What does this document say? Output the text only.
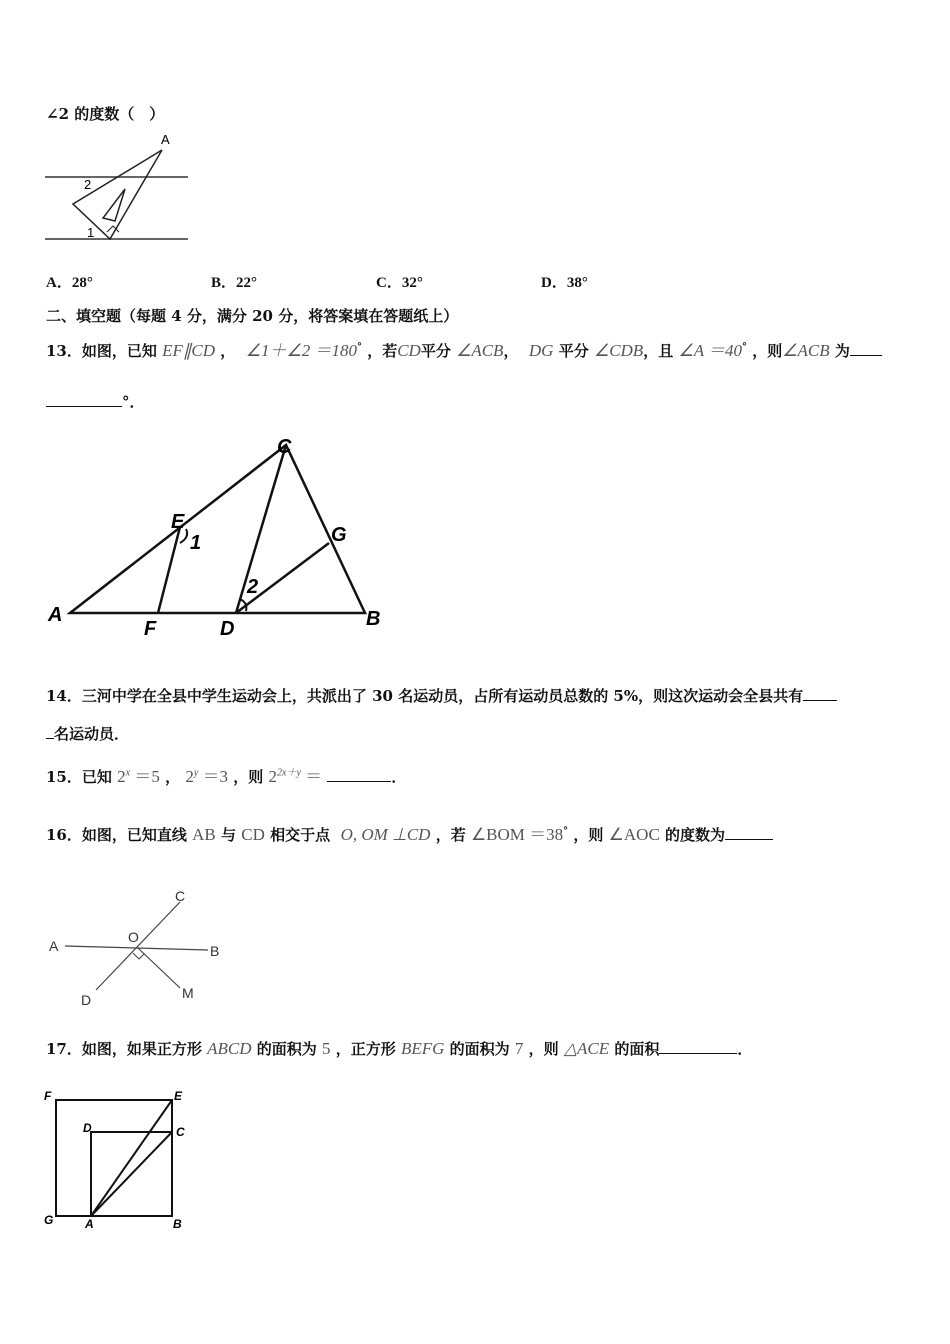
∠2 的度数（　）
A
2
1
A．28°	B．22°	C．32°	D．38°
二、填空题（每题 4 分，满分 20 分，将答案填在答题纸上）
13．如图，已知 EF∥CD ， ∠1＋∠2 ＝180° ，若CD平分 ∠ACB， DG 平分 ∠CDB，且 ∠A ＝40° ，则∠ACB 为
°．
A	B
C
D
E
F
G
1
2
14．三河中学在全县中学生运动会上，共派出了 30 名运动员，占所有运动员总数的 5%，则这次运动会全县共有
名运动员．
15．已知 $2^x =5$ ， $2^y =3$ ，则 $2^{2x+y}$ ＝	．
16．如图，已知直线 AB 与 CD 相交于点 O, OM ⊥CD ，若 ∠BOM ＝38° ，则 ∠AOC 的度数为
A	B
C
D	M
O
17．如图，如果正方形 ABCD 的面积为 5 ，正方形 BEFG 的面积为 7 ，则 △ACE 的面积	．
A	B
C
D
E
F
G
